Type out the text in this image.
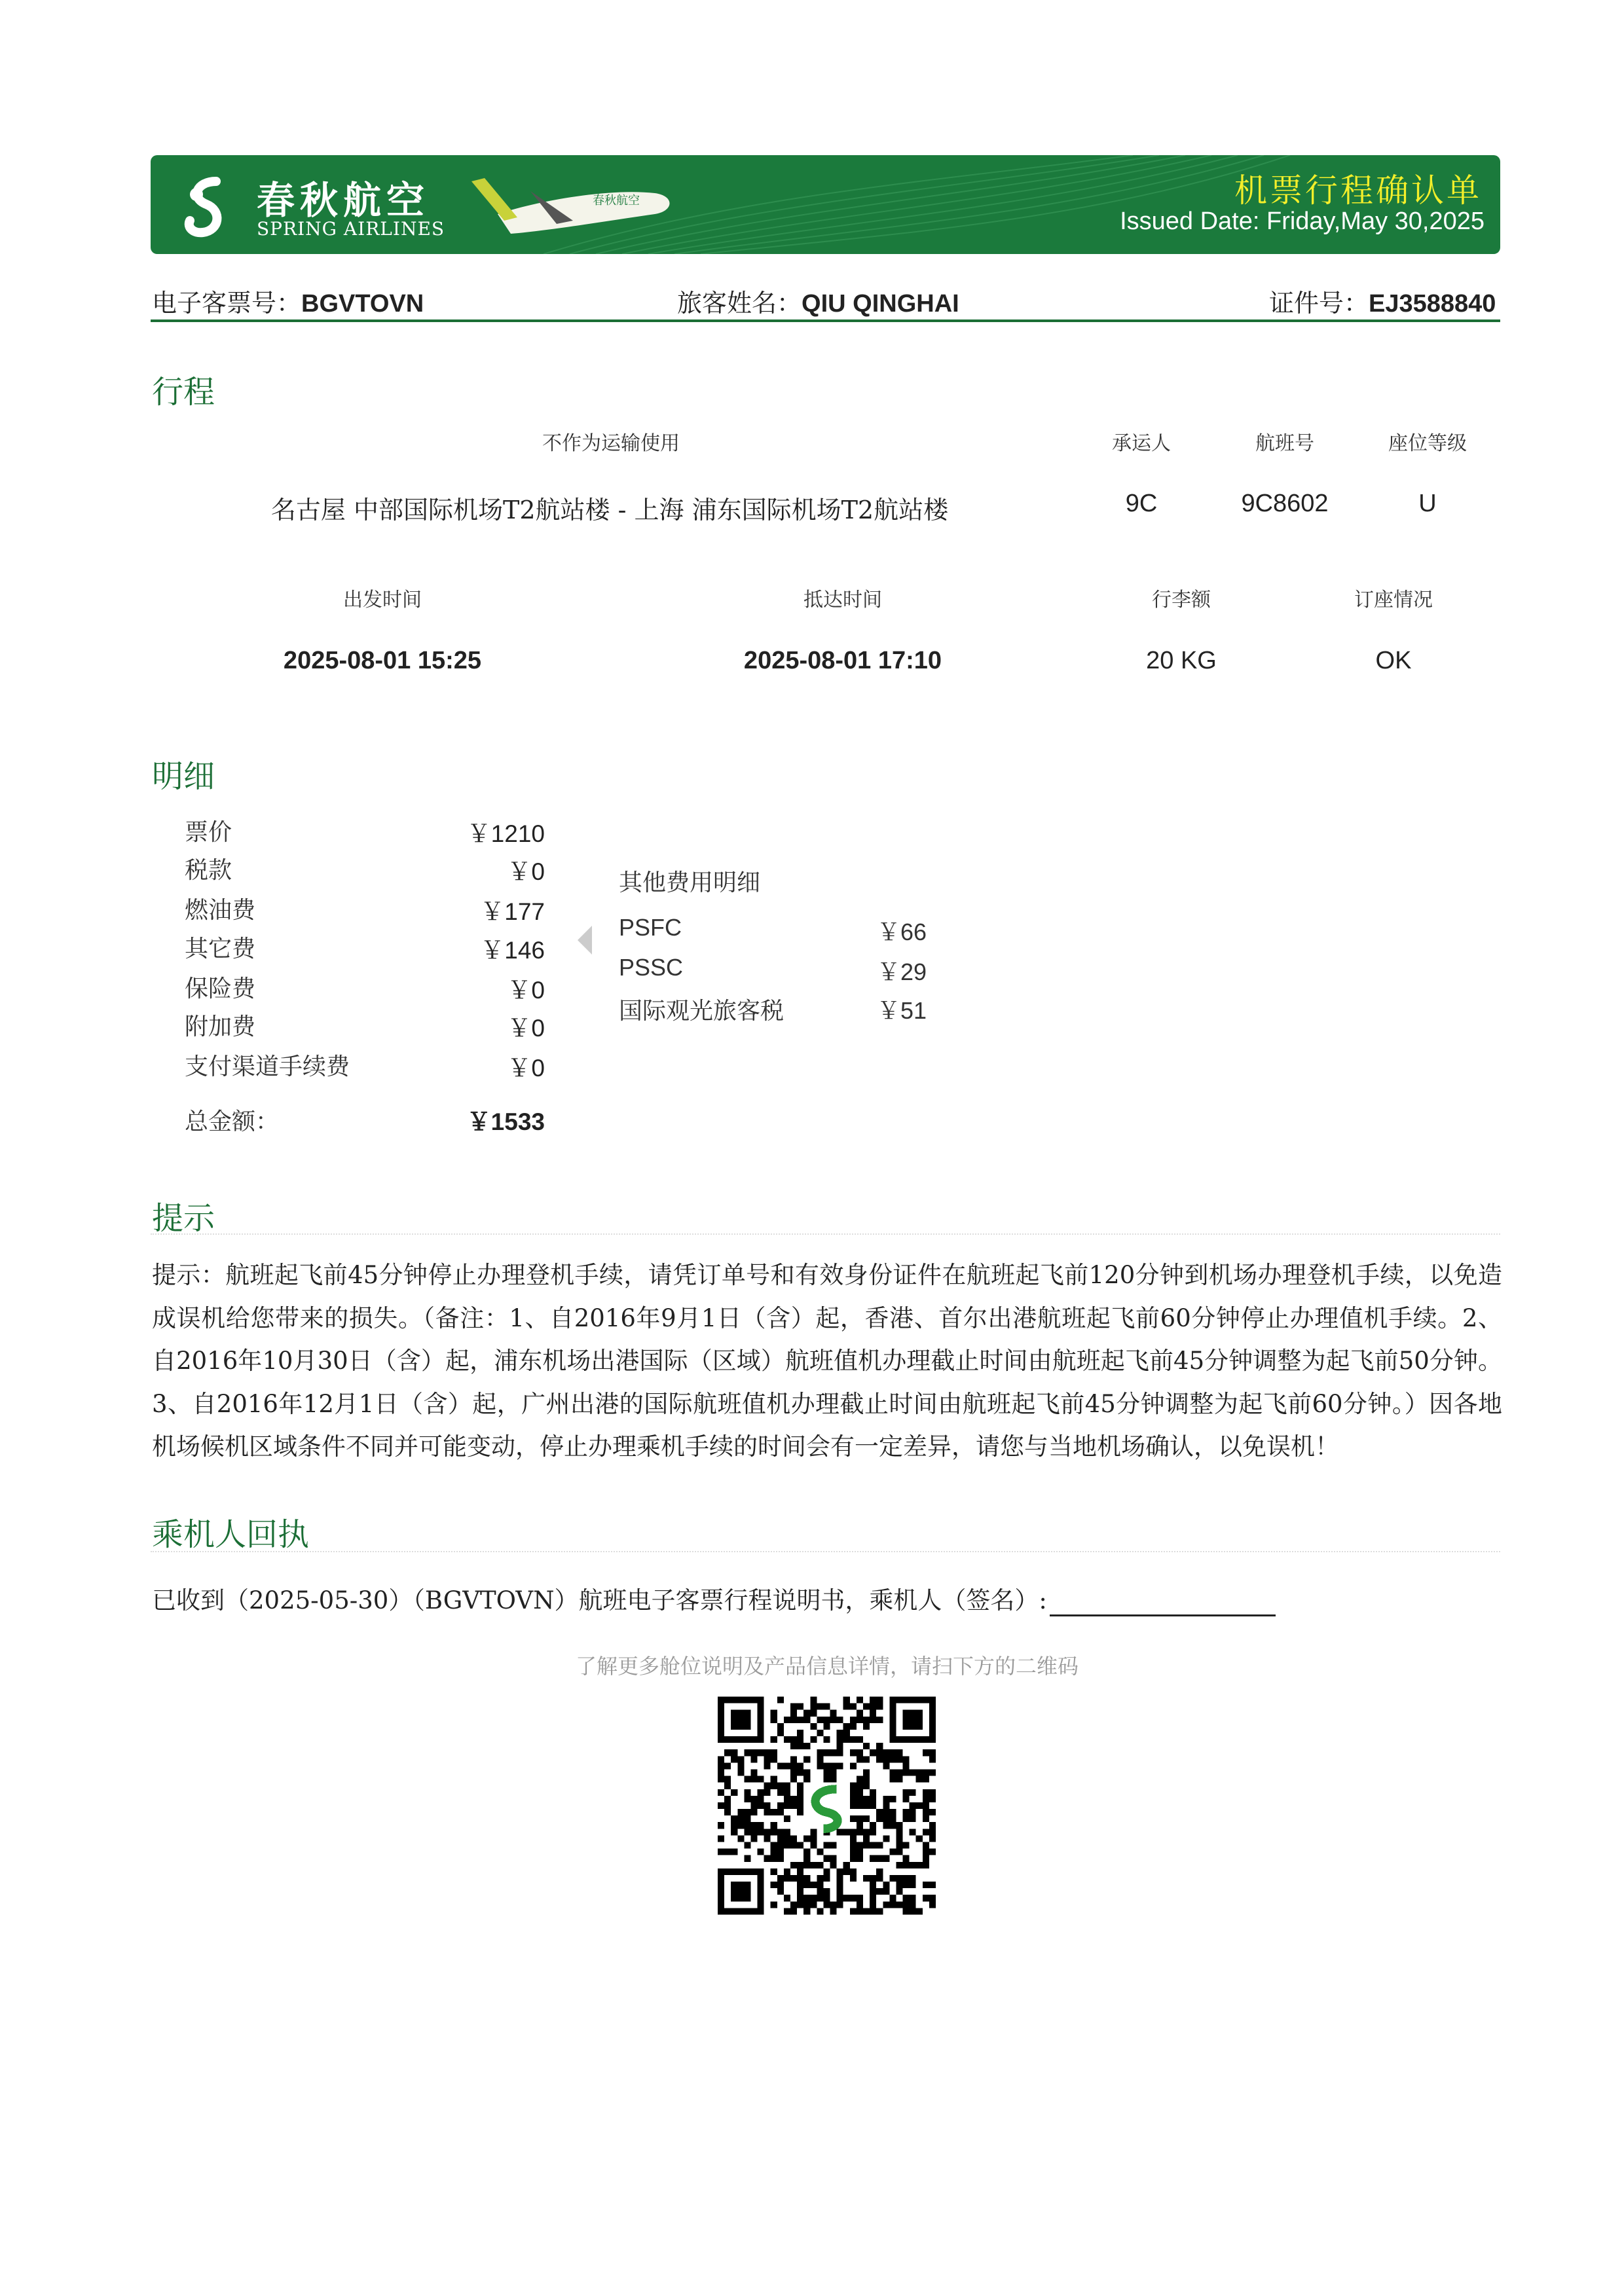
春秋航空
SPRING AIRLINES
春秋航空	机票行程确认单
Issued Date: Friday,May 30,2025
电子客票号：BGVTOVN	旅客姓名：QIU QINGHAI	证件号：EJ3588840
行程
不作为运输使用	承运人	航班号	座位等级
名古屋 中部国际机场T2航站楼 - 上海 浦东国际机场T2航站楼	9C	9C8602	U
出发时间	抵达时间	行李额	订座情况
2025-08-01 15:25	2025-08-01 17:10	20 KG	OK
明细
票价	￥1210
税款	￥0
燃油费	￥177
其它费	￥146
保险费	￥0
附加费	￥0
支付渠道手续费	￥0
总金额：	￥1533
其他费用明细
PSFC	￥66
PSSC	￥29
国际观光旅客税	￥51
提示
提示：航班起飞前45分钟停止办理登机手续，请凭订单号和有效身份证件在航班起飞前120分钟到机场办理登机手续，以免造成误机给您带来的损失。（备注：1、自2016年9月1日（含）起，香港、首尔出港航班起飞前60分钟停止办理值机手续。2、自2016年10月30日（含）起，浦东机场出港国际（区域）航班值机办理截止时间由航班起飞前45分钟调整为起飞前50分钟。3、自2016年12月1日（含）起，广州出港的国际航班值机办理截止时间由航班起飞前45分钟调整为起飞前60分钟。）因各地机场候机区域条件不同并可能变动，停止办理乘机手续的时间会有一定差异，请您与当地机场确认，以免误机！
乘机人回执
已收到（2025-05-30）（BGVTOVN）航班电子客票行程说明书，乘机人（签名）:
了解更多舱位说明及产品信息详情，请扫下方的二维码
